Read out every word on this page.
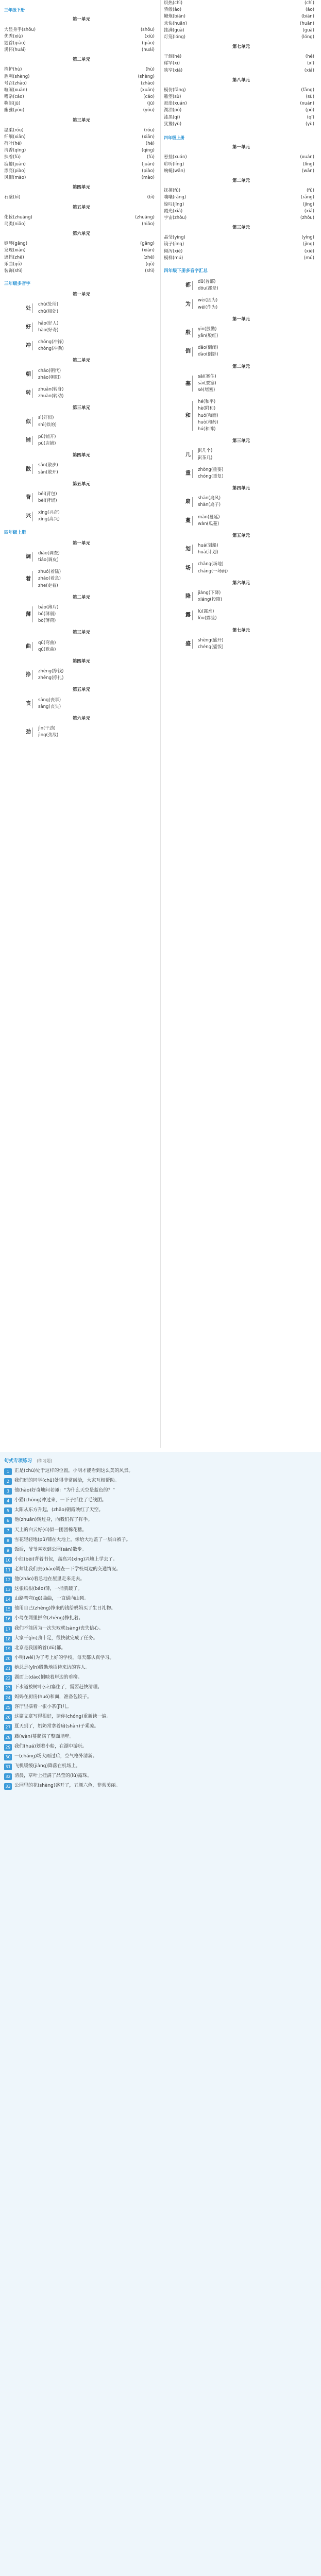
三年级下册
第一单元
大显身手(shǒu)	(shǒu)
优秀(xiù)	(xiù)
翘首(qiào)	(qiào)
满怀(huái)	(huái)
第二单元
掩护(hù)	(hù)
胜利(shèng)	(shèng)
号召(zhào)	(zhào)
喧闹(xuān)	(xuān)
嘈杂(cáo)	(cáo)
鞠躬(jū)	(jū)
幽雅(yōu)	(yōu)
第三单元
温柔(róu)	(róu)
纤细(xiān)	(xiān)
荷叶(hé)	(hé)
清香(qīng)	(qīng)
扶着(fú)	(fú)
疲倦(juàn)	(juàn)
漂亮(piào)	(piào)
风帽(mào)	(mào)
第四单元
石壁(bì)	(bì)
第五单元
化妆(zhuāng)	(zhuāng)
鸟类(niǎo)	(niǎo)
第六单元
钢琴(gāng)	(gāng)
发现(xiàn)	(xiàn)
遮挡(zhē)	(zhē)
乐曲(qǔ)	(qǔ)
装饰(shì)	(shì)
三年级多音字
第一单元
处
chù(处所)
chǔ(相处)
好
hǎo(好人)
hào(好奇)
冲
chōng(冲锋)
chòng(冲劲)
第二单元
朝
cháo(朝代)
zhāo(朝阳)
转
zhuǎn(转身)
zhuàn(转动)
第三单元
似
sì(好似)
shì(似的)
铺
pū(铺开)
pù(店铺)
第四单元
散
sǎn(散步)
sàn(散开)
第五单元
背
bēi(背包)
bèi(背诵)
兴
xīng(兴奋)
xìng(高兴)
四年级上册
第一单元
调
diào(调查)
tiáo(调皮)
着
zhuó(着陆)
zháo(着急)
zhe(走着)
第二单元
薄
báo(薄片)
bó(薄弱)
bò(薄荷)
第三单元
曲
qū(弯曲)
qǔ(歌曲)
第四单元
挣
zhèng(挣钱)
zhēng(挣扎)
第五单元
丧
sāng(丧事)
sàng(丧失)
第六单元
劲
jìn(干劲)
jìng(劲敌)
炽热(chì)	(chì)
骄傲(ào)	(ào)
鞭炮(biān)	(biān)
欢快(huān)	(huān)
挂满(guà)	(guà)
灯笼(lóng)	(lóng)
第七单元
干涸(hé)	(hé)
稀罕(xī)	(xī)
狭窄(xiá)	(xiá)
第八单元
模仿(fǎng)	(fǎng)
雕塑(sù)	(sù)
悬崖(xuán)	(xuán)
湖泊(pō)	(pō)
漆黑(qī)	(qī)
犹豫(yù)	(yù)
四年级上册
第一单元
悬挂(xuán)	(xuán)
聆听(líng)	(líng)
蜿蜒(wān)	(wān)
第二单元
抚摸(fǔ)	(fǔ)
嚷嚷(rǎng)	(rǎng)
惊叹(jīng)	(jīng)
霞光(xiá)	(xiá)
宇宙(zhòu)	(zhòu)
第三单元
晶莹(yíng)	(yíng)
镜子(jìng)	(jìng)
倾泻(xiè)	(xiè)
模样(mú)	(mú)
四年级下册多音字汇总
都
dū(首都)
dōu(都是)
为
wèi(因为)
wéi(作为)
第一单元
殷
yīn(殷勤)
yān(殷红)
倒
dǎo(倒闭)
dào(倒影)
第二单元
塞
sāi(塞住)
sài(要塞)
sè(堵塞)
和
hé(和平)
hè(附和)
huó(和面)
huò(和药)
hú(和牌)
第三单元
几
jǐ(几个)
jī(茶几)
重
zhòng(重要)
chóng(重复)
第四单元
扇
shān(扇风)
shàn(扇子)
蔓
màn(蔓延)
wàn(瓜蔓)
第五单元
划
huá(划船)
huà(计划)
场
chǎng(场地)
cháng(一场雨)
第六单元
降
jiàng(下降)
xiáng(投降)
露
lù(露水)
lòu(露脸)
第七单元
盛
shèng(盛开)
chéng(盛饭)
句式专项练习 (练习题)
1	正是(chù)处于这样的位置，小明才能看到这么美的风景。
2	我们班的同学(chǔ)处得非常融洽，大家互相帮助。
3	他(hào)好奇地问老师：“为什么天空是蓝色的？”
4	小猫(chōng)冲过来，一下子抓住了毛线团。
5	太阳从东方升起，(zhāo)朝霞映红了天空。
6	他(zhuǎn)转过身，向我们挥了挥手。
7	天上的白云好(sì)似一团团棉花糖。
8	雪花轻轻地(pū)铺在大地上，像给大地盖了一层白被子。
9	饭后，爷爷喜欢到公园(sàn)散步。
10 小红(bēi)背着书包，高高兴(xìng)兴地上学去了。
11 老师让我们去(diào)调查一下学校周边的交通情况。
12 他(zháo)着急地在屋里走来走去。
13 这张纸很(báo)薄，一捅就破了。
14 山路弯弯(qū)曲曲，一直通向山顶。
15 他用自己(zhèng)挣来的钱给妈妈买了生日礼物。
16 小鸟在网里拼命(zhēng)挣扎着。
17 我们不能因为一次失败就(sàng)丧失信心。
18 大家干(jìn)劲十足，很快就完成了任务。
19 北京是我国的首(dū)都。
20 小明(wèi)为了考上好的学校，每天都认真学习。
21 她总是(yīn)殷勤地招待来访的客人。
22 湖面上(dào)倒映着岸边的垂柳。
23 下水道被树叶(sè)塞住了，需要赶快清理。
24 妈妈在厨房(huó)和面，准备包饺子。
25 客厅里摆着一张小茶(jī)几。
26 这篇文章写得很好，请你(chóng)重新读一遍。
27 夏天到了，奶奶常拿着扇(shàn)子乘凉。
28 藤(wàn)蔓爬满了整面墙壁。
29 我们(huá)划着小船，在湖中游玩。
30 一(cháng)场大雨过后，空气格外清新。
31 飞机缓缓(jiàng)降落在机场上。
32 清晨，草叶上挂满了晶莹的(lù)露珠。
33 公园里的花(shèng)盛开了，五颜六色，非常美丽。
